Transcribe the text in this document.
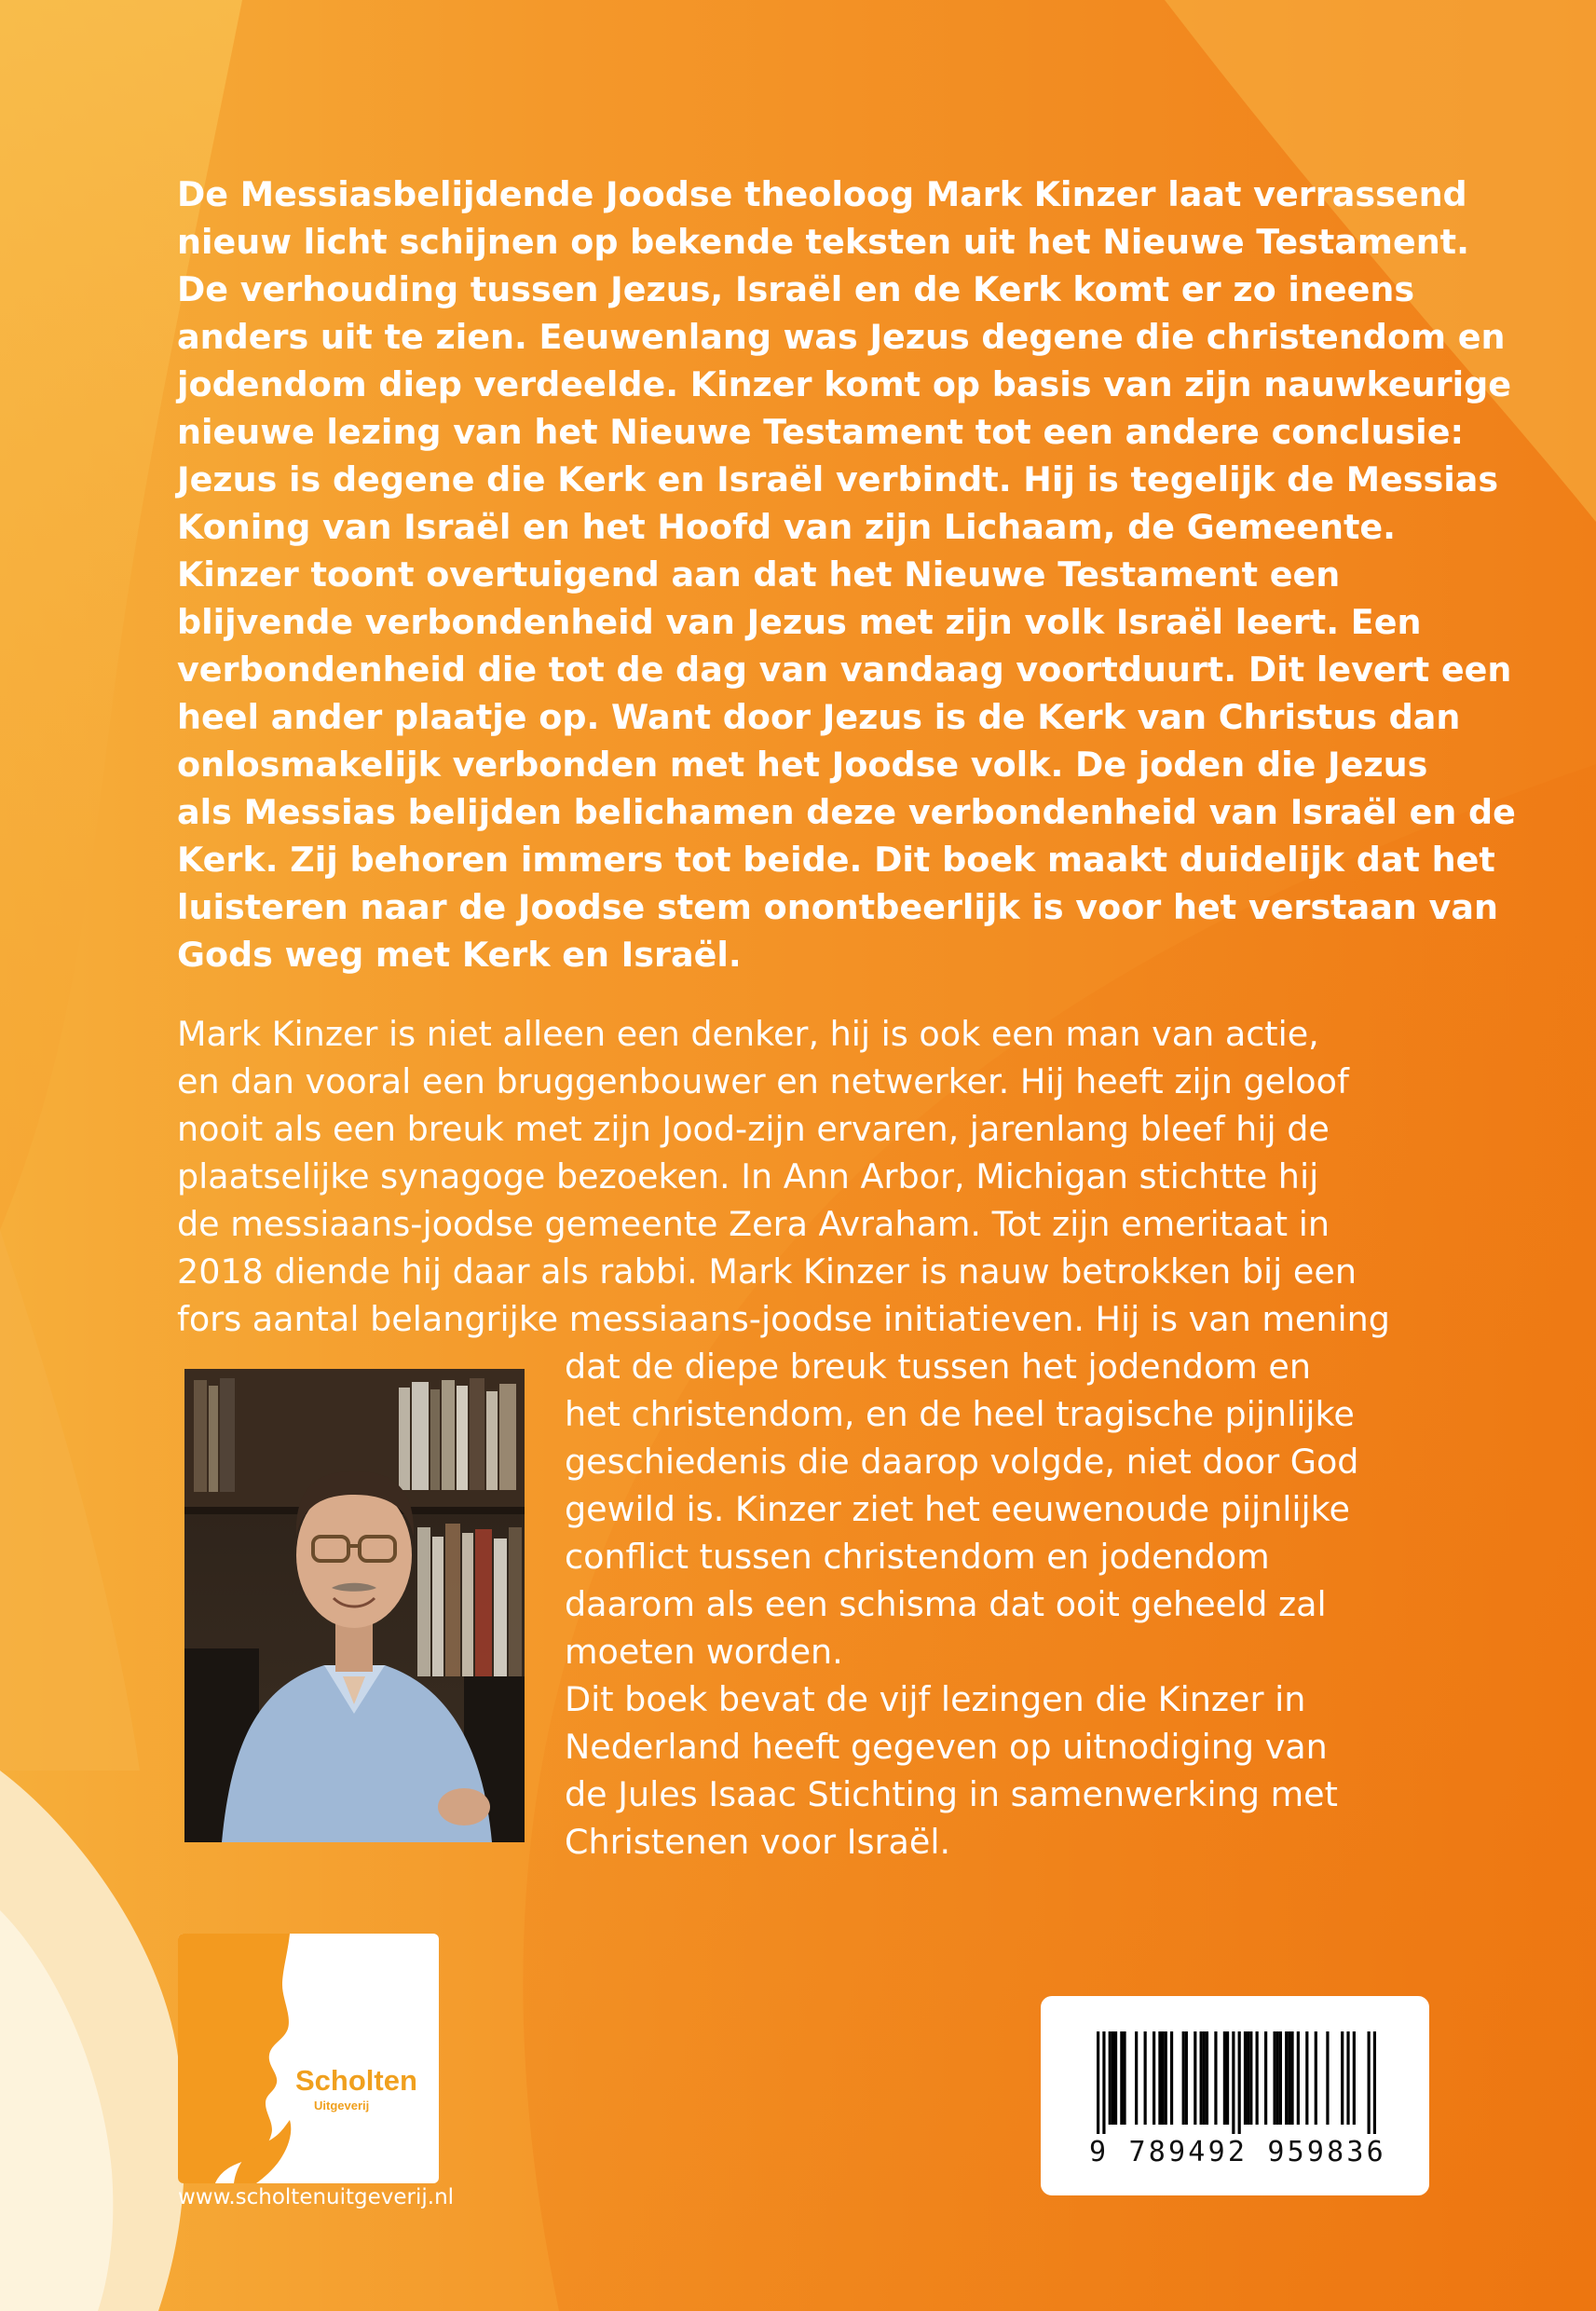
De Messiasbelijdende Joodse theoloog Mark Kinzer laat verrassend
nieuw licht schijnen op bekende teksten uit het Nieuwe Testament.
De verhouding tussen Jezus, Israël en de Kerk komt er zo ineens
anders uit te zien. Eeuwenlang was Jezus degene die christendom en
jodendom diep verdeelde. Kinzer komt op basis van zijn nauwkeurige
nieuwe lezing van het Nieuwe Testament tot een andere conclusie:
Jezus is degene die Kerk en Israël verbindt. Hij is tegelijk de Messias
Koning van Israël en het Hoofd van zijn Lichaam, de Gemeente.
Kinzer toont overtuigend aan dat het Nieuwe Testament een
blijvende verbondenheid van Jezus met zijn volk Israël leert. Een
verbondenheid die tot de dag van vandaag voortduurt. Dit levert een
heel ander plaatje op. Want door Jezus is de Kerk van Christus dan
onlosmakelijk verbonden met het Joodse volk. De joden die Jezus
als Messias belijden belichamen deze verbondenheid van Israël en de
Kerk. Zij behoren immers tot beide. Dit boek maakt duidelijk dat het
luisteren naar de Joodse stem onontbeerlijk is voor het verstaan van
Gods weg met Kerk en Israël.
Mark Kinzer is niet alleen een denker, hij is ook een man van actie,
en dan vooral een bruggenbouwer en netwerker. Hij heeft zijn geloof
nooit als een breuk met zijn Jood-zijn ervaren, jarenlang bleef hij de
plaatselijke synagoge bezoeken. In Ann Arbor, Michigan stichtte hij
de messiaans-joodse gemeente Zera Avraham. Tot zijn emeritaat in
2018 diende hij daar als rabbi. Mark Kinzer is nauw betrokken bij een
fors aantal belangrijke messiaans-joodse initiatieven. Hij is van mening
dat de diepe breuk tussen het jodendom en
het christendom, en de heel tragische pijnlijke
geschiedenis die daarop volgde, niet door God
gewild is. Kinzer ziet het eeuwenoude pijnlijke
conflict tussen christendom en jodendom
daarom als een schisma dat ooit geheeld zal
moeten worden.
Dit boek bevat de vijf lezingen die Kinzer in
Nederland heeft gegeven op uitnodiging van
de Jules Isaac Stichting in samenwerking met
Christenen voor Israël.
Scholten
Uitgeverij
www.scholtenuitgeverij.nl
9 789492 959836
